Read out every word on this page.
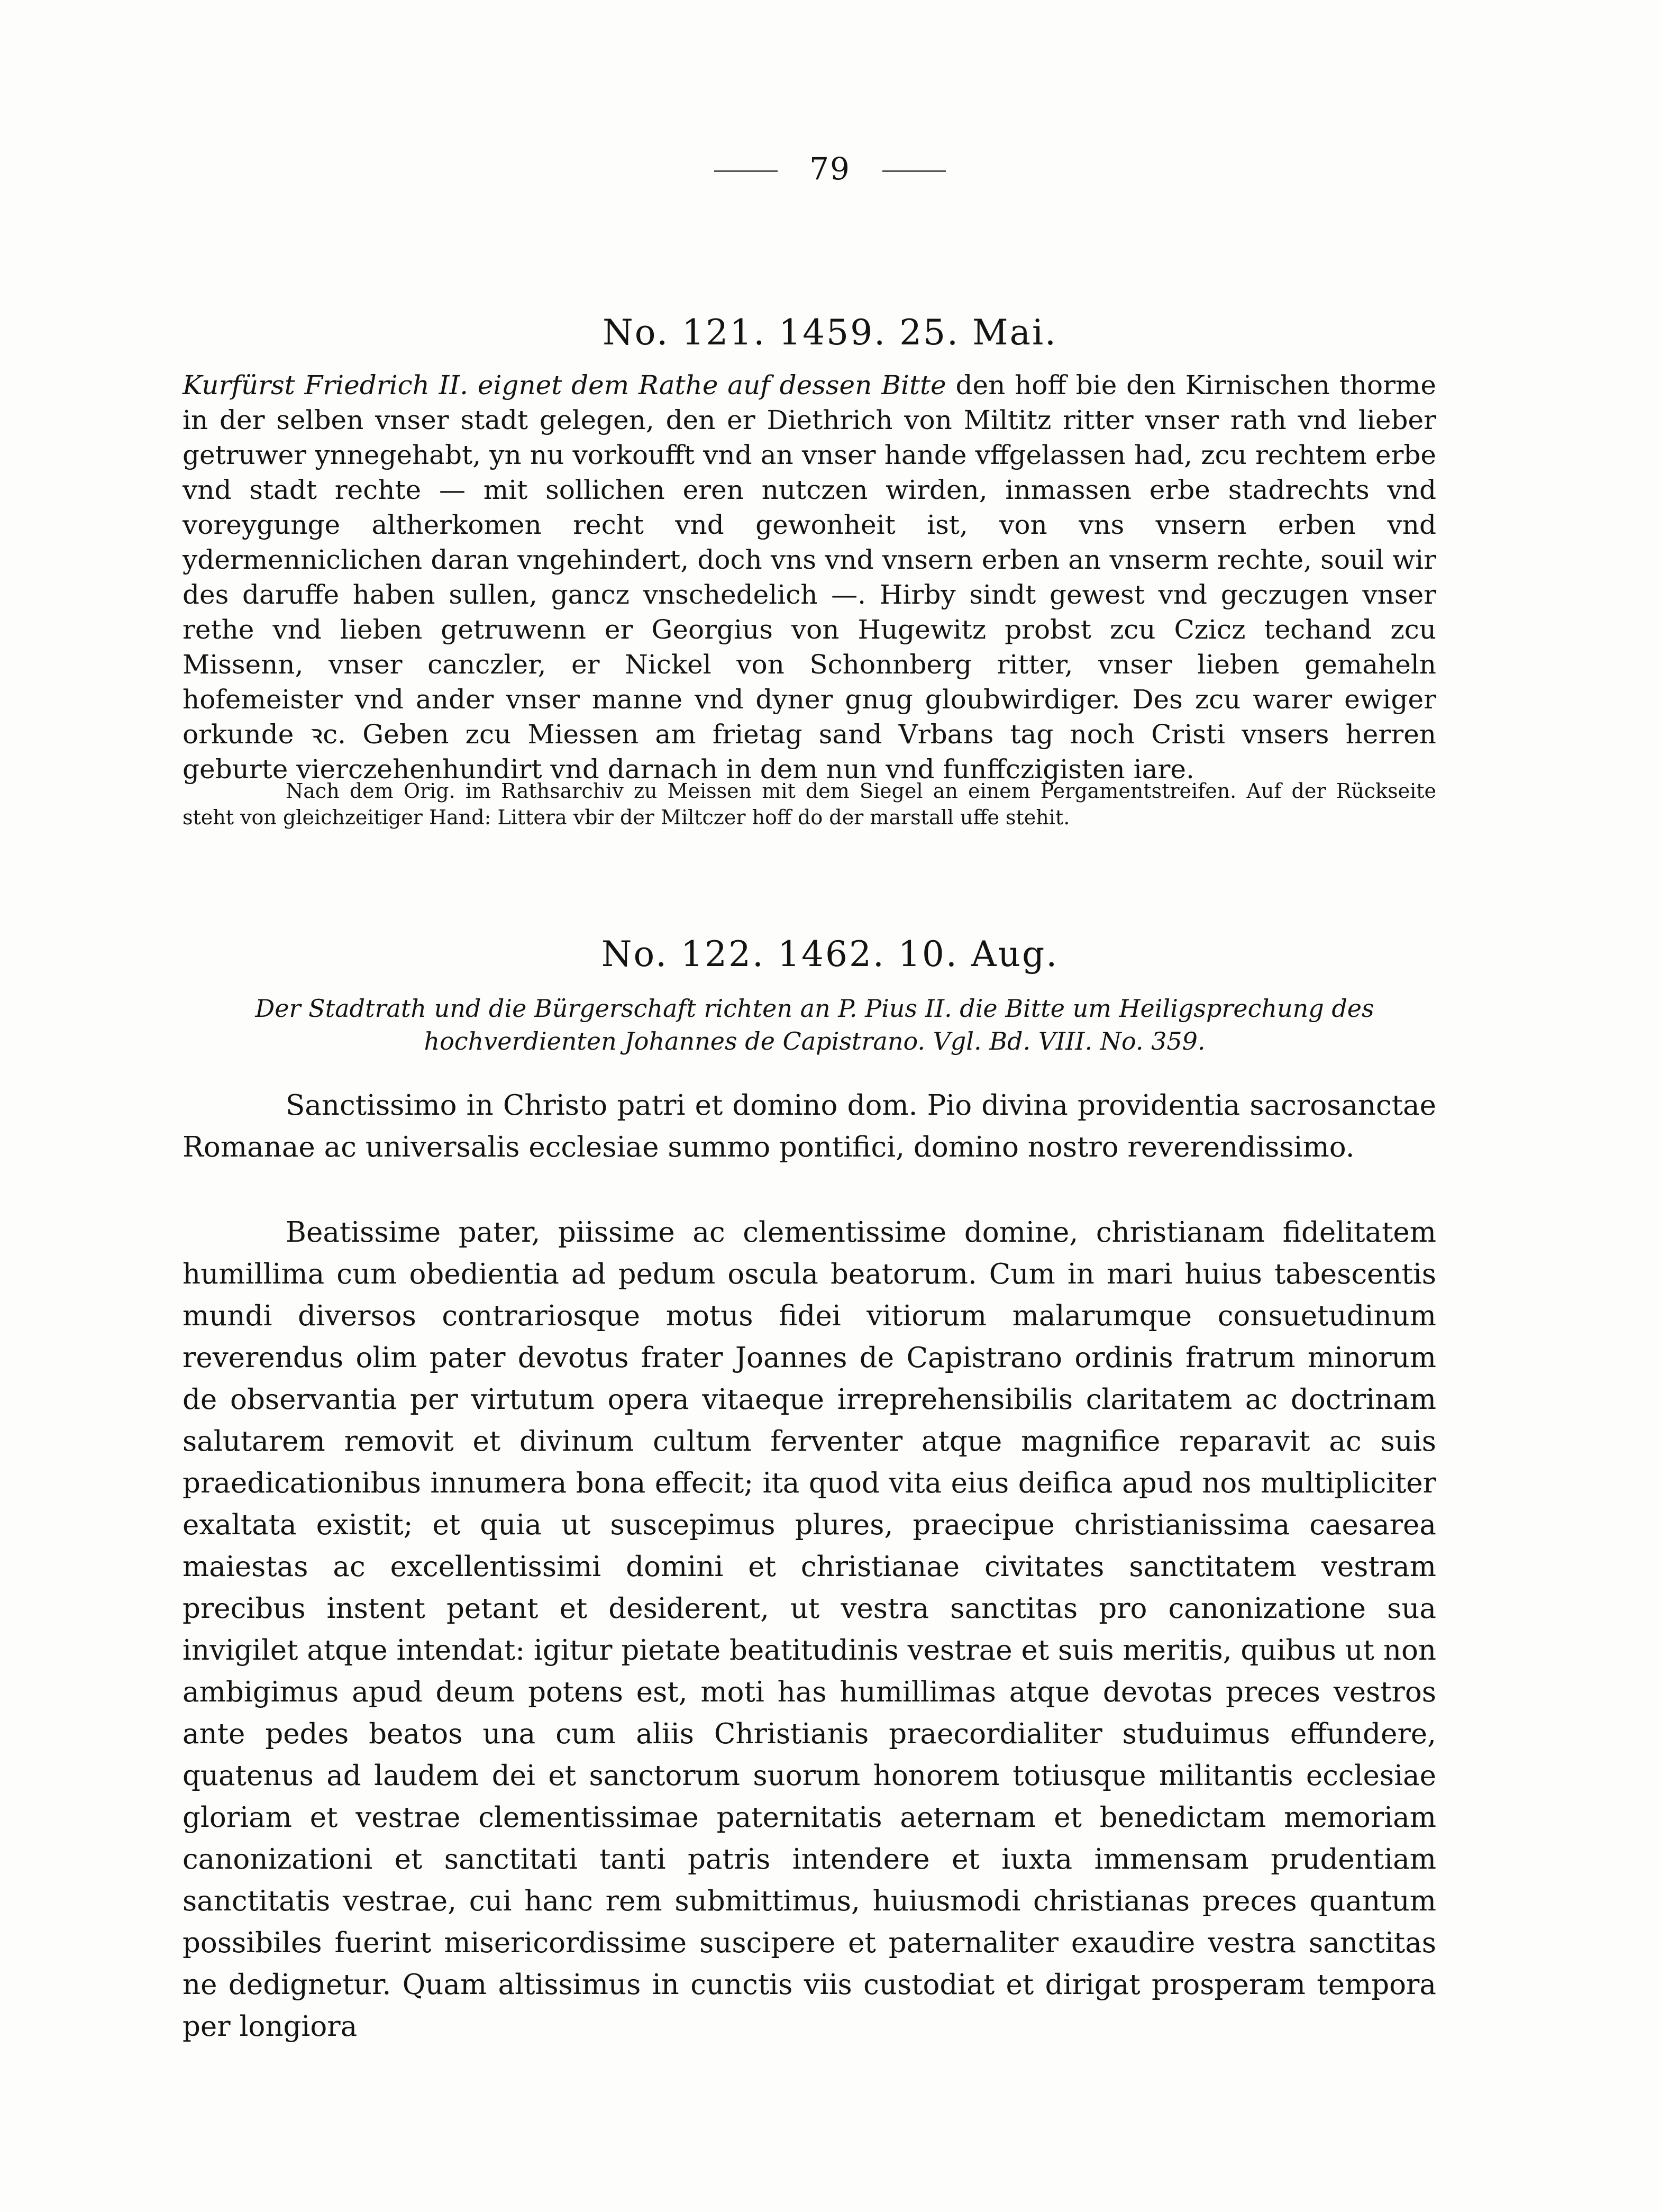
79
No. 121. 1459. 25. Mai.
Kurfürst Friedrich II. eignet dem Rathe auf dessen Bitte den hoff bie den Kirnischen thorme in der selben vnser stadt gelegen, den er Diethrich von Miltitz ritter vnser rath vnd lieber getruwer ynnegehabt, yn nu vorkoufft vnd an vnser hande vffgelassen had, zcu rechtem erbe vnd stadt rechte — mit sollichen eren nutczen wirden, inmassen erbe stadrechts vnd voreygunge altherkomen recht vnd gewonheit ist, von vns vnsern erben vnd ydermenniclichen daran vngehindert, doch vns vnd vnsern erben an vnserm rechte, souil wir des daruffe haben sullen, gancz vnschedelich —. Hirby sindt gewest vnd geczugen vnser rethe vnd lieben getruwenn er Georgius von Hugewitz probst zcu Czicz techand zcu Missenn, vnser canczler, er Nickel von Schonnberg ritter, vnser lieben gemaheln hofemeister vnd ander vnser manne vnd dyner gnug gloubwirdiger. Des zcu warer ewiger orkunde ꝛc. Geben zcu Miessen am frietag sand Vrbans tag noch Cristi vnsers herren geburte vierczehenhundirt vnd darnach in dem nun vnd funffczigisten iare.
Nach dem Orig. im Rathsarchiv zu Meissen mit dem Siegel an einem Pergamentstreifen. Auf der Rückseite steht von gleichzeitiger Hand: Littera vbir der Miltczer hoff do der marstall uffe stehit.
No. 122. 1462. 10. Aug.
Der Stadtrath und die Bürgerschaft richten an P. Pius II. die Bitte um Heiligsprechung des hochverdienten Johannes de Capistrano. Vgl. Bd. VIII. No. 359.
Sanctissimo in Christo patri et domino dom. Pio divina providentia sacrosanctae Romanae ac universalis ecclesiae summo pontifici, domino nostro reverendissimo.
Beatissime pater, piissime ac clementissime domine, christianam fidelitatem humillima cum obedientia ad pedum oscula beatorum. Cum in mari huius tabescentis mundi diversos contrariosque motus fidei vitiorum malarumque consuetudinum reverendus olim pater devotus frater Joannes de Capistrano ordinis fratrum minorum de observantia per virtutum opera vitaeque irreprehensibilis claritatem ac doctrinam salutarem removit et divinum cultum ferventer atque magnifice reparavit ac suis praedicationibus innumera bona effecit; ita quod vita eius deifica apud nos multipliciter exaltata existit; et quia ut suscepimus plures, praecipue christianissima caesarea maiestas ac excellentissimi domini et christianae civitates sanctitatem vestram precibus instent petant et desiderent, ut vestra sanctitas pro canonizatione sua invigilet atque intendat: igitur pietate beatitudinis vestrae et suis meritis, quibus ut non ambigimus apud deum potens est, moti has humillimas atque devotas preces vestros ante pedes beatos una cum aliis Christianis praecordialiter studuimus effundere, quatenus ad laudem dei et sanctorum suorum honorem totiusque militantis ecclesiae gloriam et vestrae clementissimae paternitatis aeternam et benedictam memoriam canonizationi et sanctitati tanti patris intendere et iuxta immensam prudentiam sanctitatis vestrae, cui hanc rem submittimus, huiusmodi christianas preces quantum possibiles fuerint misericordissime suscipere et paternaliter exaudire vestra sanctitas ne dedignetur. Quam altissimus in cunctis viis custodiat et dirigat prosperam tempora per longiora
